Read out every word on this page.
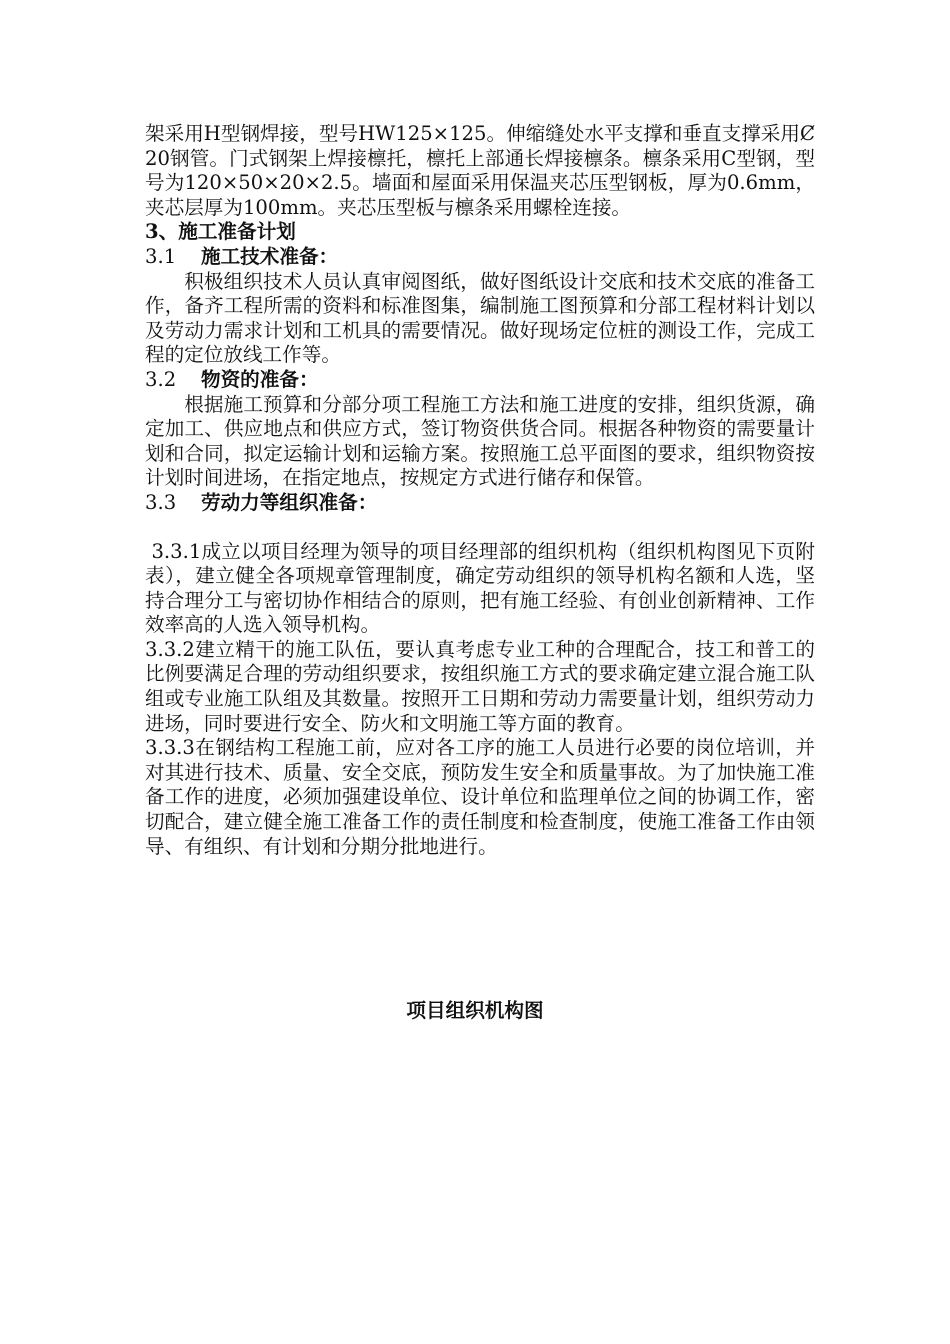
架采用H型钢焊接，型号HW125×125。伸缩缝处水平支撑和垂直支撑采用Ȼ20钢管。门式钢架上焊接檩托，檩托上部通长焊接檩条。檩条采用C型钢，型号为120×50×20×2.5。墙面和屋面采用保温夹芯压型钢板，厚为0.6mm，夹芯层厚为100mm。夹芯压型板与檩条采用螺栓连接。

3、施工准备计划

3.1 施工技术准备：

积极组织技术人员认真审阅图纸，做好图纸设计交底和技术交底的准备工作，备齐工程所需的资料和标准图集，编制施工图预算和分部工程材料计划以及劳动力需求计划和工机具的需要情况。做好现场定位桩的测设工作，完成工程的定位放线工作等。

3.2 物资的准备：

根据施工预算和分部分项工程施工方法和施工进度的安排，组织货源，确定加工、供应地点和供应方式，签订物资供货合同。根据各种物资的需要量计划和合同，拟定运输计划和运输方案。按照施工总平面图的要求，组织物资按计划时间进场，在指定地点，按规定方式进行储存和保管。

3.3 劳动力等组织准备：

3.3.1成立以项目经理为领导的项目经理部的组织机构（组织机构图见下页附表），建立健全各项规章管理制度，确定劳动组织的领导机构名额和人选，坚持合理分工与密切协作相结合的原则，把有施工经验、有创业创新精神、工作效率高的人选入领导机构。

3.3.2建立精干的施工队伍，要认真考虑专业工种的合理配合，技工和普工的比例要满足合理的劳动组织要求，按组织施工方式的要求确定建立混合施工队组或专业施工队组及其数量。按照开工日期和劳动力需要量计划，组织劳动力进场，同时要进行安全、防火和文明施工等方面的教育。

3.3.3在钢结构工程施工前，应对各工序的施工人员进行必要的岗位培训，并对其进行技术、质量、安全交底，预防发生安全和质量事故。为了加快施工准备工作的进度，必须加强建设单位、设计单位和监理单位之间的协调工作，密切配合，建立健全施工准备工作的责任制度和检查制度，使施工准备工作由领导、有组织、有计划和分期分批地进行。

项目组织机构图
